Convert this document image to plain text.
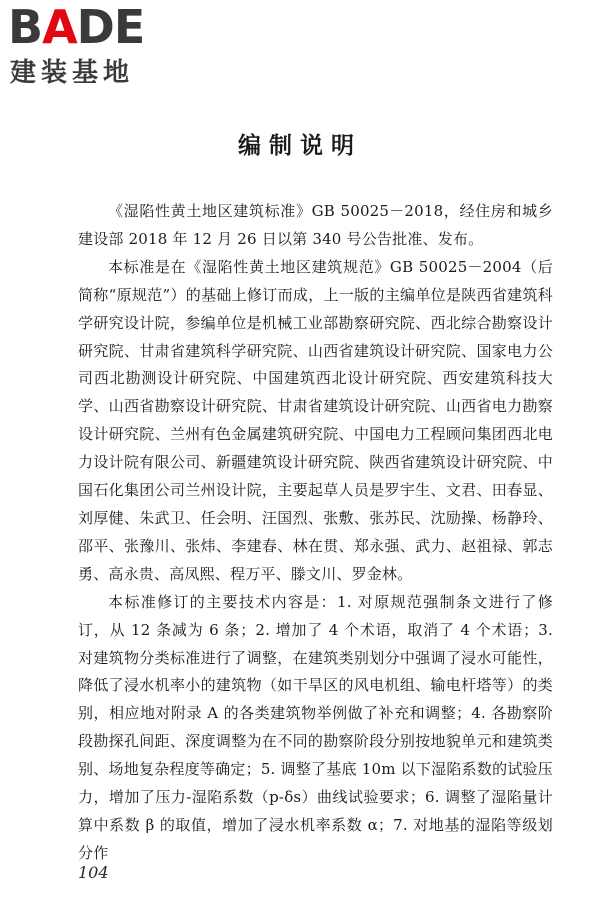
BADE
建装基地
编制说明

《湿陷性黄土地区建筑标准》GB 50025－2018，经住房和城乡建设部 2018 年 12 月 26 日以第 340 号公告批准、发布。

本标准是在《湿陷性黄土地区建筑规范》GB 50025－2004（后简称“原规范”）的基础上修订而成，上一版的主编单位是陕西省建筑科学研究设计院，参编单位是机械工业部勘察研究院、西北综合勘察设计研究院、甘肃省建筑科学研究院、山西省建筑设计研究院、国家电力公司西北勘测设计研究院、中国建筑西北设计研究院、西安建筑科技大学、山西省勘察设计研究院、甘肃省建筑设计研究院、山西省电力勘察设计研究院、兰州有色金属建筑研究院、中国电力工程顾问集团西北电力设计院有限公司、新疆建筑设计研究院、陕西省建筑设计研究院、中国石化集团公司兰州设计院，主要起草人员是罗宇生、文君、田春显、刘厚健、朱武卫、任会明、汪国烈、张敷、张苏民、沈励操、杨静玲、邵平、张豫川、张炜、李建春、林在贯、郑永强、武力、赵祖禄、郭志勇、高永贵、高凤熙、程万平、滕文川、罗金林。

本标准修订的主要技术内容是：1. 对原规范强制条文进行了修订，从 12 条减为 6 条；2. 增加了 4 个术语，取消了 4 个术语；3. 对建筑物分类标准进行了调整，在建筑类别划分中强调了浸水可能性，降低了浸水机率小的建筑物（如干旱区的风电机组、输电杆塔等）的类别，相应地对附录 A 的各类建筑物举例做了补充和调整；4. 各勘察阶段勘探孔间距、深度调整为在不同的勘察阶段分别按地貌单元和建筑类别、场地复杂程度等确定；5. 调整了基底 10m 以下湿陷系数的试验压力，增加了压力-湿陷系数（p-δs）曲线试验要求；6. 调整了湿陷量计算中系数 β 的取值，增加了浸水机率系数 α；7. 对地基的湿陷等级划分作

104
